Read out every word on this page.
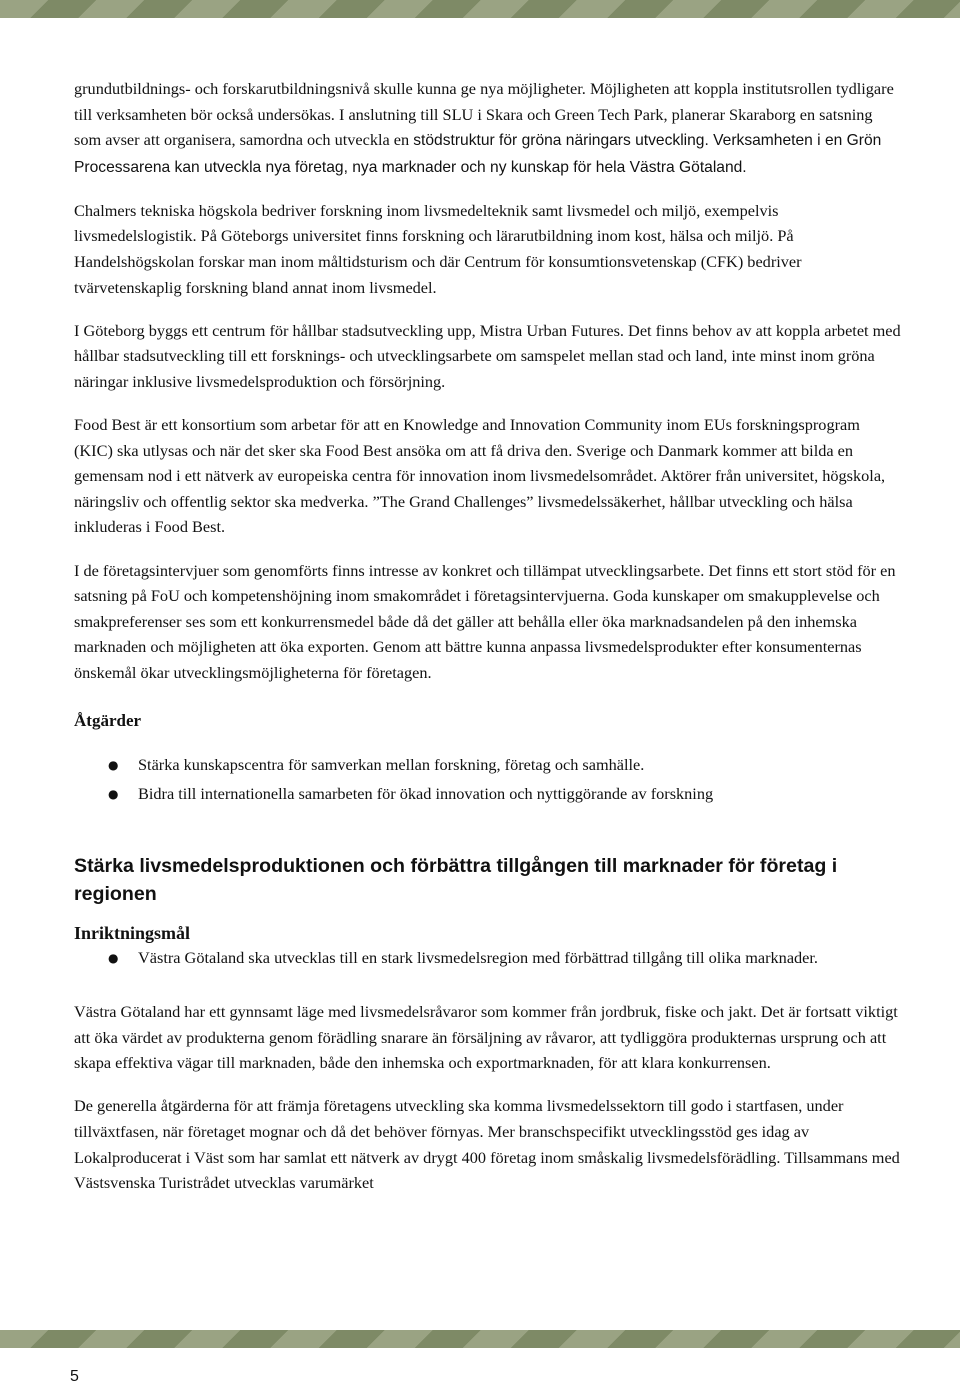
grundutbildnings- och forskarutbildningsnivå skulle kunna ge nya möjligheter. Möjligheten att koppla institutsrollen tydligare till verksamheten bör också undersökas. I anslutning till SLU i Skara och Green Tech Park, planerar Skaraborg en satsning som avser att organisera, samordna och utveckla en stödstruktur för gröna näringars utveckling. Verksamheten i en Grön Processarena kan utveckla nya företag, nya marknader och ny kunskap för hela Västra Götaland.

Chalmers tekniska högskola bedriver forskning inom livsmedelteknik samt livsmedel och miljö, exempelvis livsmedelslogistik. På Göteborgs universitet finns forskning och lärarutbildning inom kost, hälsa och miljö. På Handelshögskolan forskar man inom måltidsturism och där Centrum för konsumtionsvetenskap (CFK) bedriver tvärvetenskaplig forskning bland annat inom livsmedel.

I Göteborg byggs ett centrum för hållbar stadsutveckling upp, Mistra Urban Futures. Det finns behov av att koppla arbetet med hållbar stadsutveckling till ett forsknings- och utvecklingsarbete om samspelet mellan stad och land, inte minst inom gröna näringar inklusive livsmedelsproduktion och försörjning.

Food Best är ett konsortium som arbetar för att en Knowledge and Innovation Community inom EUs forskningsprogram (KIC) ska utlysas och när det sker ska Food Best ansöka om att få driva den. Sverige och Danmark kommer att bilda en gemensam nod i ett nätverk av europeiska centra för innovation inom livsmedelsområdet. Aktörer från universitet, högskola, näringsliv och offentlig sektor ska medverka. ”The Grand Challenges” livsmedelssäkerhet, hållbar utveckling och hälsa inkluderas i Food Best.

I de företagsintervjuer som genomförts finns intresse av konkret och tillämpat utvecklingsarbete. Det finns ett stort stöd för en satsning på FoU och kompetenshöjning inom smakområdet i företagsintervjuerna. Goda kunskaper om smakupplevelse och smakpreferenser ses som ett konkurrensmedel både då det gäller att behålla eller öka marknadsandelen på den inhemska marknaden och möjligheten att öka exporten. Genom att bättre kunna anpassa livsmedelsprodukter efter konsumenternas önskemål ökar utvecklingsmöjligheterna för företagen.

Åtgärder
● Stärka kunskapscentra för samverkan mellan forskning, företag och samhälle.
● Bidra till internationella samarbeten för ökad innovation och nyttiggörande av forskning
Stärka livsmedelsproduktionen och förbättra tillgången till marknader för företag i regionen
Inriktningsmål
● Västra Götaland ska utvecklas till en stark livsmedelsregion med förbättrad tillgång till olika marknader.

Västra Götaland har ett gynnsamt läge med livsmedelsråvaror som kommer från jordbruk, fiske och jakt. Det är fortsatt viktigt att öka värdet av produkterna genom förädling snarare än försäljning av råvaror, att tydliggöra produkternas ursprung och att skapa effektiva vägar till marknaden, både den inhemska och exportmarknaden, för att klara konkurrensen.

De generella åtgärderna för att främja företagens utveckling ska komma livsmedelssektorn till godo i startfasen, under tillväxtfasen, när företaget mognar och då det behöver förnyas. Mer branschspecifikt utvecklingsstöd ges idag av Lokalproducerat i Väst som har samlat ett nätverk av drygt 400 företag inom småskalig livsmedelsförädling. Tillsammans med Västsvenska Turistrådet utvecklas varumärket

5
